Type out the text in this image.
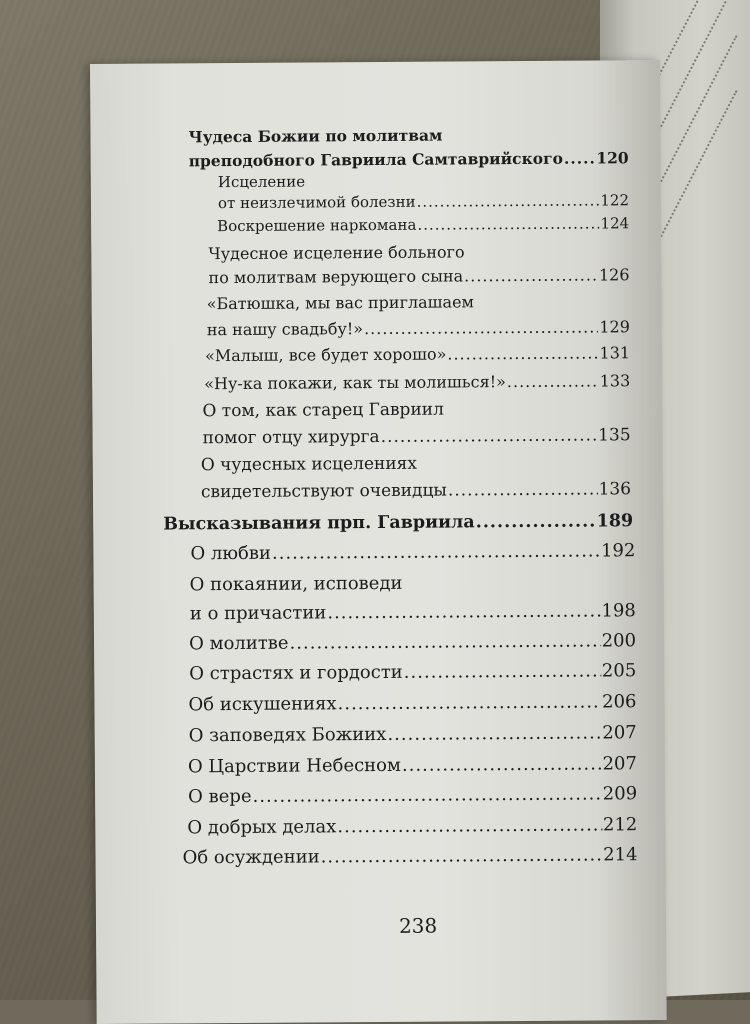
Чудеса Божии по молитвам
преподобного Гавриила Самтаврийского ..... 120
Исцеление
от неизлечимой болезни .....	122
Воскрешение наркомана .....	124
Чудесное исцеление больного
по молитвам верующего сына .....	126
«Батюшка, мы вас приглашаем
на нашу свадьбу!» .....	129
«Малыш, все будет хорошо» .....	131
«Ну-ка покажи, как ты молишься!» .....	133
О том, как старец Гавриил
помог отцу хирурга .....	135
О чудесных исцелениях
свидетельствуют очевидцы .....	136
Высказывания прп. Гавриила .....	189
О любви .....	192
О покаянии, исповеди
и о причастии .....	198
О молитве .....	200
О страстях и гордости .....	205
Об искушениях .....	206
О заповедях Божиих .....	207
О Царствии Небесном .....	207
О вере .....	209
О добрых делах .....	212
Об осуждении .....	214
238
